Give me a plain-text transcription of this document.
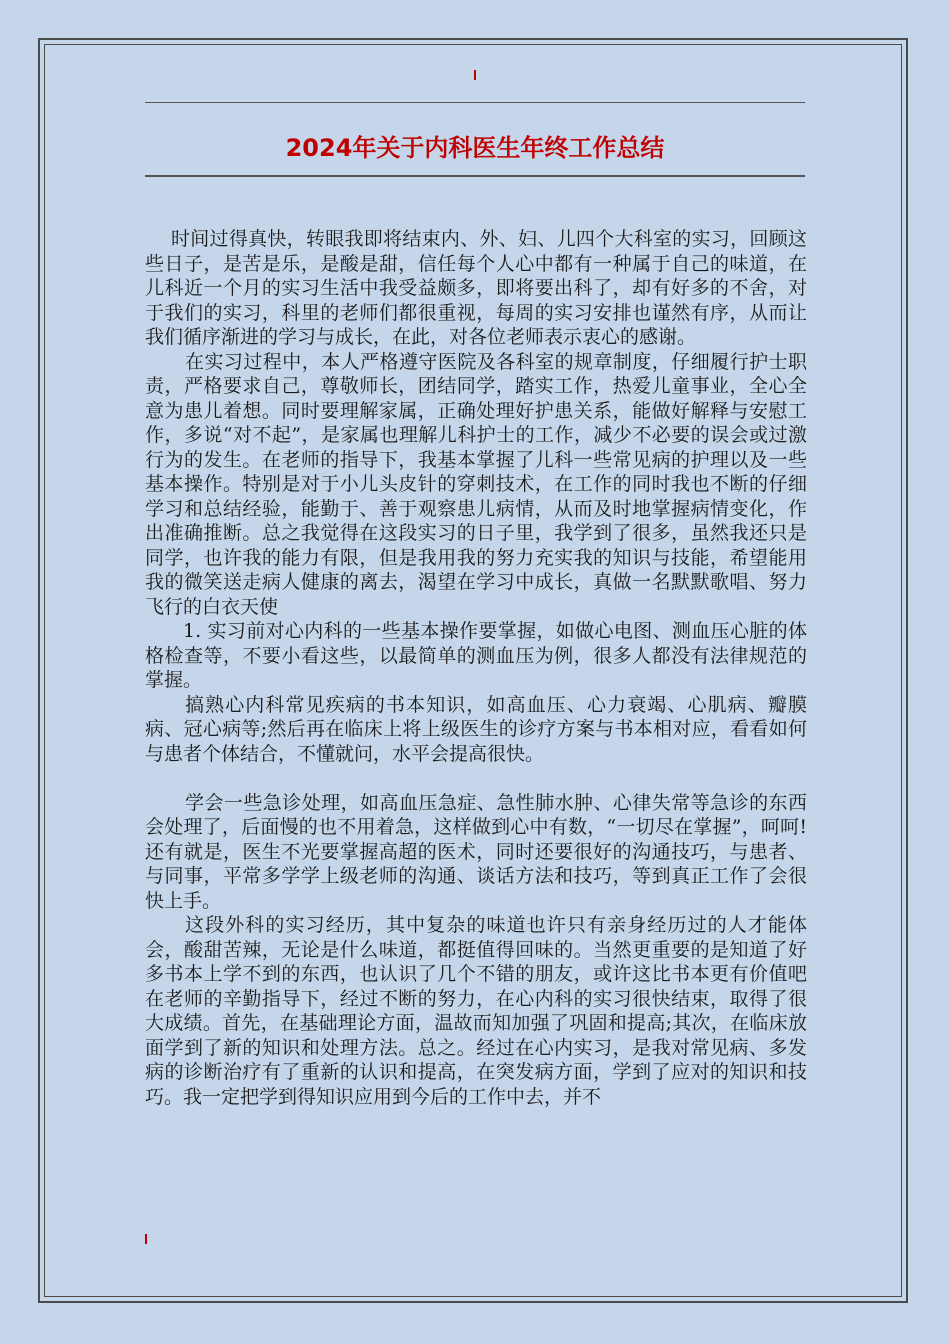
2024年关于内科医生年终工作总结

时间过得真快，转眼我即将结束内、外、妇、儿四个大科室的实习，回顾这些日子，是苦是乐，是酸是甜，信任每个人心中都有一种属于自己的味道，在儿科近一个月的实习生活中我受益颇多，即将要出科了，却有好多的不舍，对于我们的实习，科里的老师们都很重视，每周的实习安排也谨然有序，从而让我们循序渐进的学习与成长，在此，对各位老师表示衷心的感谢。

在实习过程中，本人严格遵守医院及各科室的规章制度，仔细履行护士职责，严格要求自己，尊敬师长，团结同学，踏实工作，热爱儿童事业，全心全意为患儿着想。同时要理解家属，正确处理好护患关系，能做好解释与安慰工作，多说“对不起”，是家属也理解儿科护士的工作，减少不必要的误会或过激行为的发生。在老师的指导下，我基本掌握了儿科一些常见病的护理以及一些基本操作。特别是对于小儿头皮针的穿刺技术，在工作的同时我也不断的仔细学习和总结经验，能勤于、善于观察患儿病情，从而及时地掌握病情变化，作出准确推断。总之我觉得在这段实习的日子里，我学到了很多，虽然我还只是同学，也许我的能力有限，但是我用我的努力充实我的知识与技能，希望能用我的微笑送走病人健康的离去，渴望在学习中成长，真做一名默默歌唱、努力飞行的白衣天使

1. 实习前对心内科的一些基本操作要掌握，如做心电图、测血压心脏的体格检查等，不要小看这些，以最简单的测血压为例，很多人都没有法律规范的掌握。

搞熟心内科常见疾病的书本知识，如高血压、心力衰竭、心肌病、瓣膜病、冠心病等;然后再在临床上将上级医生的诊疗方案与书本相对应，看看如何与患者个体结合，不懂就问，水平会提高很快。

学会一些急诊处理，如高血压急症、急性肺水肿、心律失常等急诊的东西会处理了，后面慢的也不用着急，这样做到心中有数，“一切尽在掌握”，呵呵! 还有就是，医生不光要掌握高超的医术，同时还要很好的沟通技巧，与患者、与同事，平常多学学上级老师的沟通、谈话方法和技巧，等到真正工作了会很快上手。

这段外科的实习经历，其中复杂的味道也许只有亲身经历过的人才能体会，酸甜苦辣，无论是什么味道，都挺值得回味的。当然更重要的是知道了好多书本上学不到的东西，也认识了几个不错的朋友，或许这比书本更有价值吧 在老师的辛勤指导下，经过不断的努力，在心内科的实习很快结束，取得了很大成绩。首先，在基础理论方面，温故而知加强了巩固和提高;其次，在临床放面学到了新的知识和处理方法。总之。经过在心内实习，是我对常见病、多发病的诊断治疗有了重新的认识和提高，在突发病方面，学到了应对的知识和技巧。我一定把学到得知识应用到今后的工作中去，并不
